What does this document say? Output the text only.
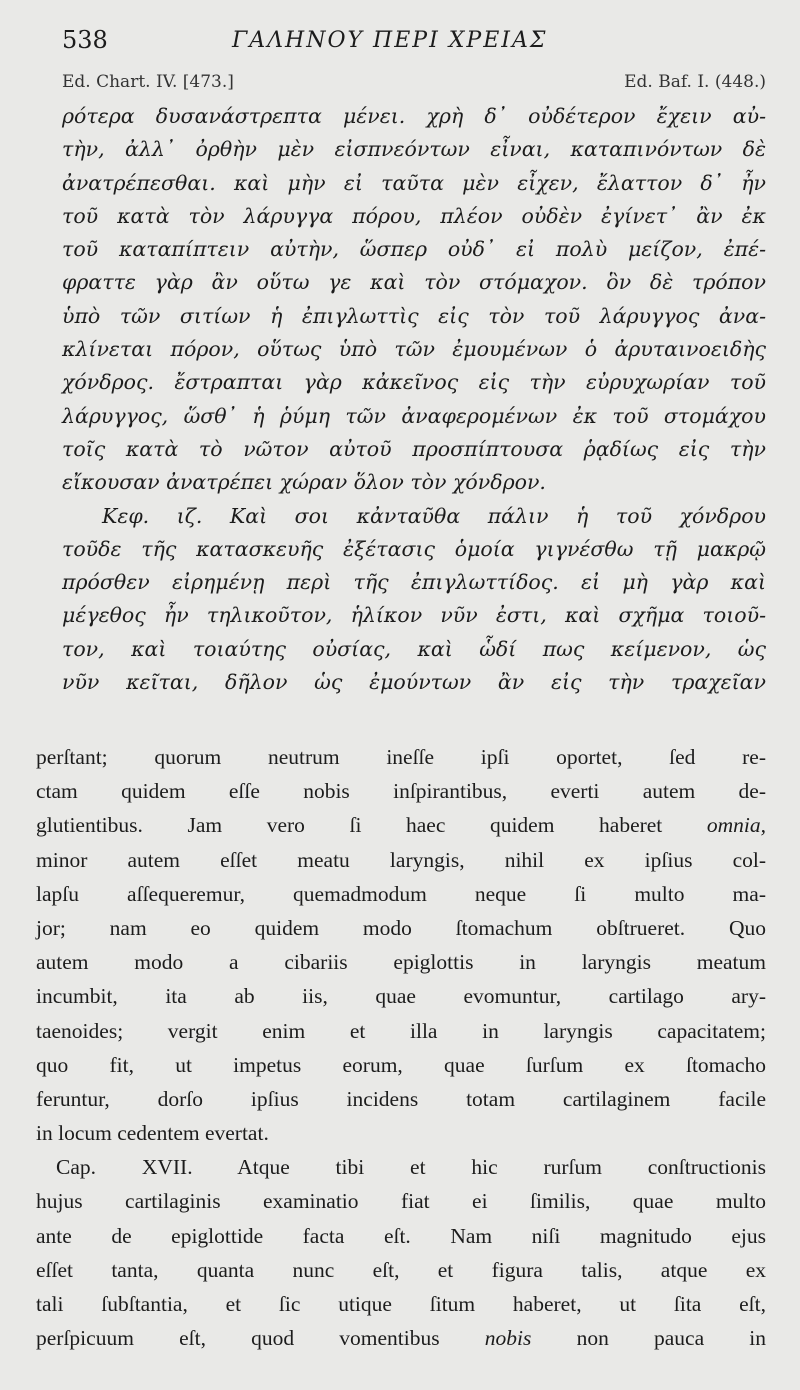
538	ΓΑΛΗΝΟΥ ΠΕΡΙ ΧΡΕΙΑΣ
Ed. Chart. IV. [473.]	Ed. Baf. I. (448.)
ρότερα δυσανάστρεπτα μένει. χρὴ δ᾽ οὐδέτερον ἔχειν αὐ-
τὴν, ἀλλ᾽ ὀρθὴν μὲν εἰσπνεόντων εἶναι, καταπινόντων δὲ
ἀνατρέπεσθαι. καὶ μὴν εἰ ταῦτα μὲν εἶχεν, ἔλαττον δ᾽ ἦν
τοῦ κατὰ τὸν λάρυγγα πόρου, πλέον οὐδὲν ἐγίνετ᾽ ἂν ἐκ
τοῦ καταπίπτειν αὐτὴν, ὥσπερ οὐδ᾽ εἰ πολὺ μείζον, ἐπέ-
φραττε γὰρ ἂν οὕτω γε καὶ τὸν στόμαχον. ὃν δὲ τρόπον
ὑπὸ τῶν σιτίων ἡ ἐπιγλωττὶς εἰς τὸν τοῦ λάρυγγος ἀνα-
κλίνεται πόρον, οὕτως ὑπὸ τῶν ἐμουμένων ὁ ἀρυταινοειδὴς
χόνδρος. ἔστραπται γὰρ κἀκεῖνος εἰς τὴν εὐρυχωρίαν τοῦ
λάρυγγος, ὥσθ᾽ ἡ ῥύμη τῶν ἀναφερομένων ἐκ τοῦ στομάχου
τοῖς κατὰ τὸ νῶτον αὐτοῦ προσπίπτουσα ῥᾳδίως εἰς τὴν
εἴκουσαν ἀνατρέπει χώραν ὅλον τὸν χόνδρον.
Κεφ. ιζ. Καὶ σοι κἀνταῦθα πάλιν ἡ τοῦ χόνδρου
τοῦδε τῆς κατασκευῆς ἐξέτασις ὁμοία γιγνέσθω τῇ μακρῷ
πρόσθεν εἰρημένῃ περὶ τῆς ἐπιγλωττίδος. εἰ μὴ γὰρ καὶ
μέγεθος ἦν τηλικοῦτον, ἡλίκον νῦν ἐστι, καὶ σχῆμα τοιοῦ-
τον, καὶ τοιαύτης οὐσίας, καὶ ὧδί πως κείμενον, ὡς
νῦν κεῖται, δῆλον ὡς ἐμούντων ἂν εἰς τὴν τραχεῖαν
perſtant; quorum neutrum ineſſe ipſi oportet, ſed re-
ctam quidem eſſe nobis inſpirantibus, everti autem de-
glutientibus. Jam vero ſi haec quidem haberet omnia,
minor autem eſſet meatu laryngis, nihil ex ipſius col-
lapſu aſſequeremur, quemadmodum neque ſi multo ma-
jor; nam eo quidem modo ſtomachum obſtrueret. Quo
autem modo a cibariis epiglottis in laryngis meatum
incumbit, ita ab iis, quae evomuntur, cartilago ary-
taenoides; vergit enim et illa in laryngis capacitatem;
quo fit, ut impetus eorum, quae ſurſum ex ſtomacho
feruntur, dorſo ipſius incidens totam cartilaginem facile
in locum cedentem evertat.
Cap. XVII. Atque tibi et hic rurſum conſtructionis
hujus cartilaginis examinatio fiat ei ſimilis, quae multo
ante de epiglottide facta eſt. Nam niſi magnitudo ejus
eſſet tanta, quanta nunc eſt, et figura talis, atque ex
tali ſubſtantia, et ſic utique ſitum haberet, ut ſita eſt,
perſpicuum eſt, quod vomentibus nobis non pauca in
